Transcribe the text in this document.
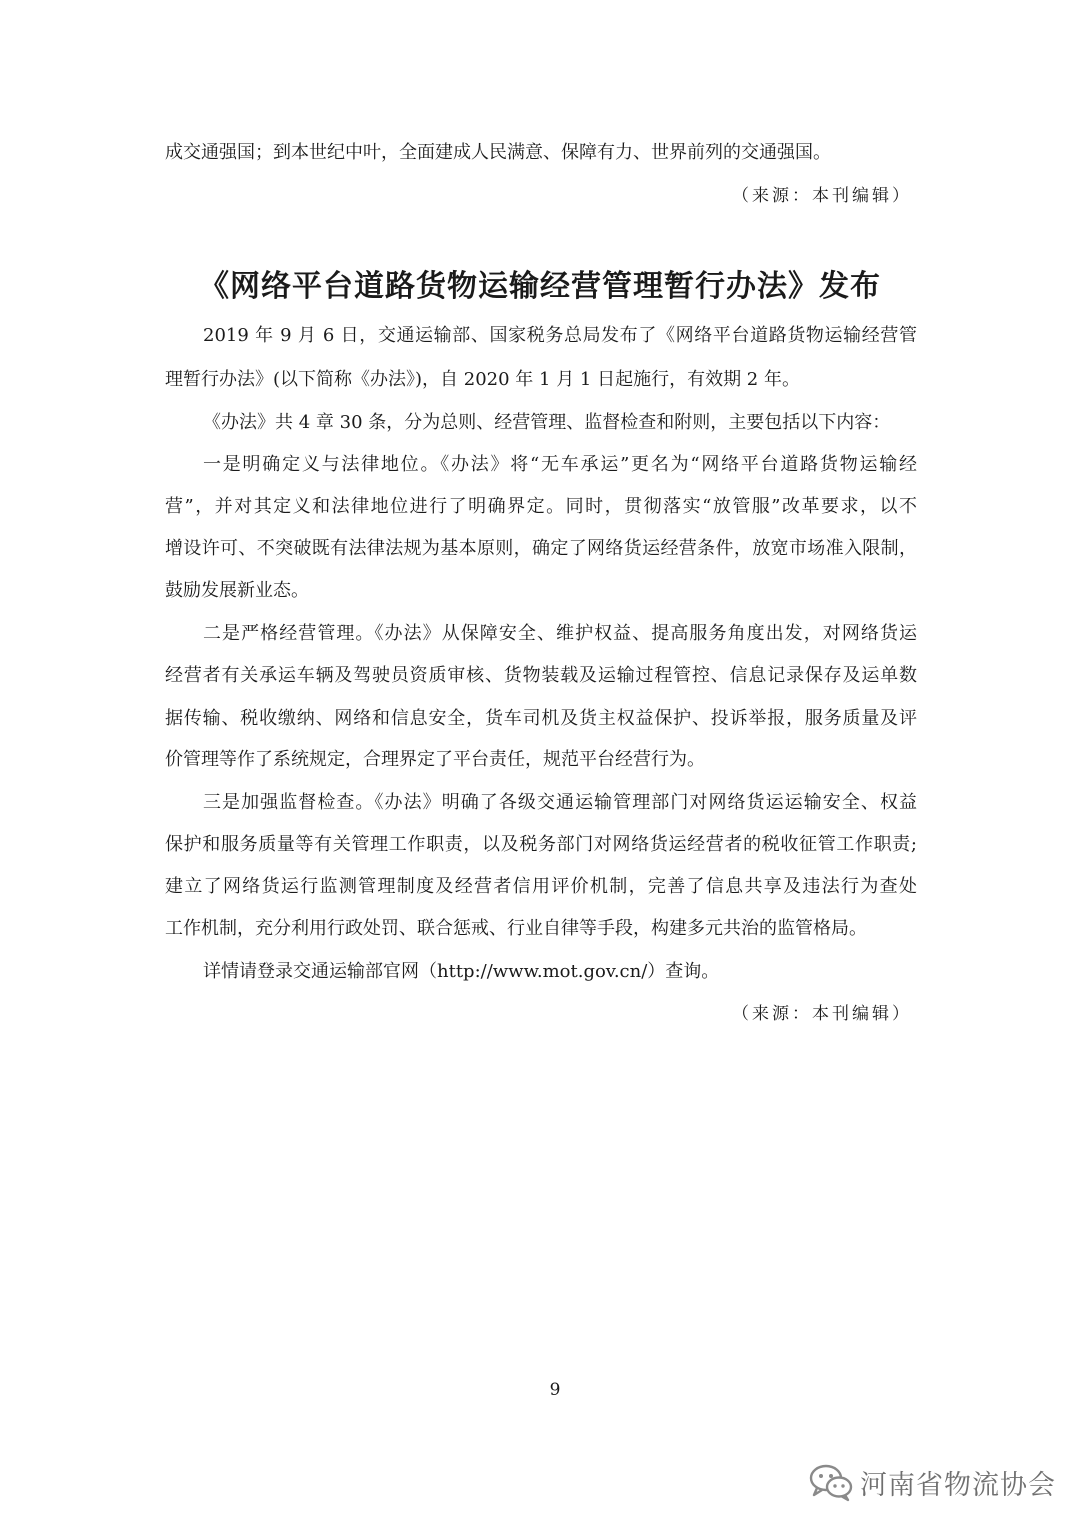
成交通强国；到本世纪中叶，全面建成人民满意、保障有力、世界前列的交通强国。
（来源：本刊编辑）
《网络平台道路货物运输经营管理暂行办法》发布
2019 年 9 月 6 日，交通运输部、国家税务总局发布了《网络平台道路货物运输经营管
理暂行办法》(以下简称《办法》)，自 2020 年 1 月 1 日起施行，有效期 2 年。
《办法》共 4 章 30 条，分为总则、经营管理、监督检查和附则，主要包括以下内容：
一是明确定义与法律地位。《办法》将“无车承运”更名为“网络平台道路货物运输经
营”，并对其定义和法律地位进行了明确界定。同时，贯彻落实“放管服”改革要求，以不
增设许可、不突破既有法律法规为基本原则，确定了网络货运经营条件，放宽市场准入限制，
鼓励发展新业态。
二是严格经营管理。《办法》从保障安全、维护权益、提高服务角度出发，对网络货运
经营者有关承运车辆及驾驶员资质审核、货物装载及运输过程管控、信息记录保存及运单数
据传输、税收缴纳、网络和信息安全，货车司机及货主权益保护、投诉举报，服务质量及评
价管理等作了系统规定，合理界定了平台责任，规范平台经营行为。
三是加强监督检查。《办法》明确了各级交通运输管理部门对网络货运运输安全、权益
保护和服务质量等有关管理工作职责，以及税务部门对网络货运经营者的税收征管工作职责;
建立了网络货运行监测管理制度及经营者信用评价机制，完善了信息共享及违法行为查处
工作机制，充分利用行政处罚、联合惩戒、行业自律等手段，构建多元共治的监管格局。
详情请登录交通运输部官网（http://www.mot.gov.cn/）查询。
（来源：本刊编辑）
9
河南省物流协会
